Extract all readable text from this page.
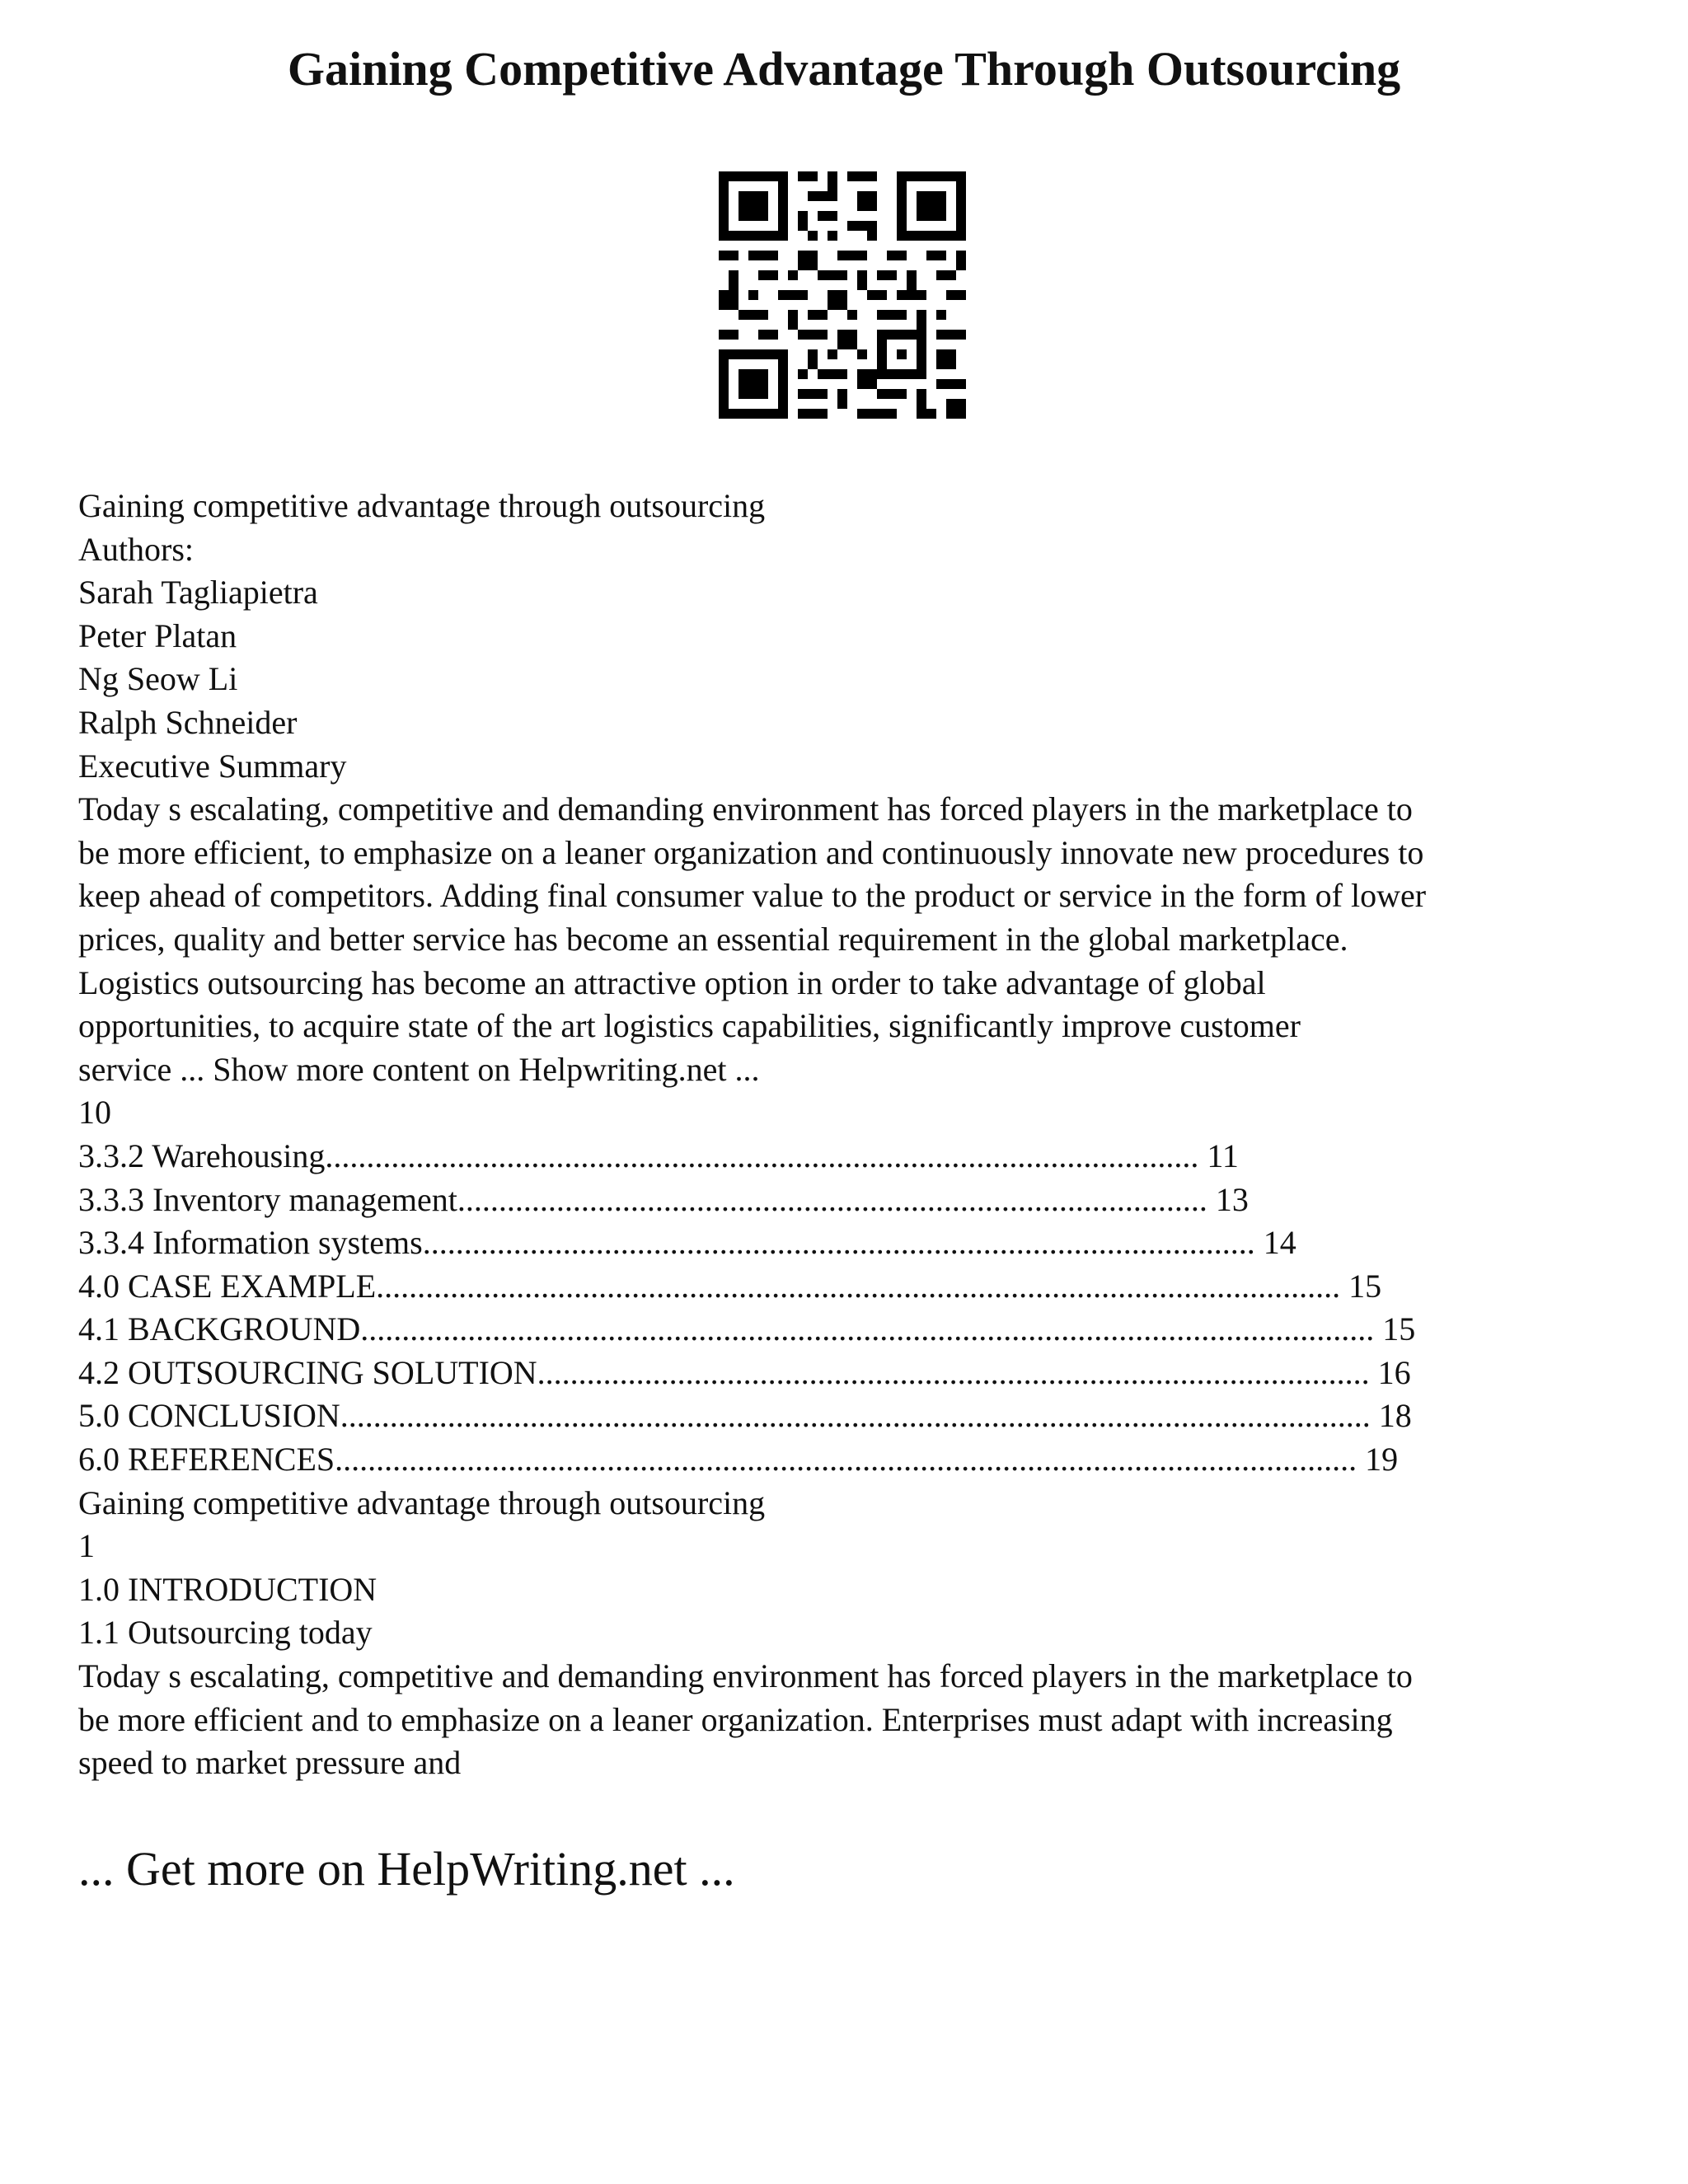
Gaining Competitive Advantage Through Outsourcing
Gaining competitive advantage through outsourcing
Authors:
Sarah Tagliapietra
Peter Platan
Ng Seow Li
Ralph Schneider
Executive Summary
Today s escalating, competitive and demanding environment has forced players in the marketplace to
be more efficient, to emphasize on a leaner organization and continuously innovate new procedures to
keep ahead of competitors. Adding final consumer value to the product or service in the form of lower
prices, quality and better service has become an essential requirement in the global marketplace.
Logistics outsourcing has become an attractive option in order to take advantage of global
opportunities, to acquire state of the art logistics capabilities, significantly improve customer
service ... Show more content on Helpwriting.net ...
10
3.3.2 Warehousing .......................................................................................................... 11
3.3.3 Inventory management ........................................................................................... 13
3.3.4 Information systems ..................................................................................................... 14
4.0 CASE EXAMPLE ..................................................................................................................... 15
4.1 BACKGROUND ........................................................................................................................... 15
4.2 OUTSOURCING SOLUTION ..................................................................................................... 16
5.0 CONCLUSION ............................................................................................................................. 18
6.0 REFERENCES ............................................................................................................................ 19
Gaining competitive advantage through outsourcing
1
1.0 INTRODUCTION
1.1 Outsourcing today
Today s escalating, competitive and demanding environment has forced players in the marketplace to
be more efficient and to emphasize on a leaner organization. Enterprises must adapt with increasing
speed to market pressure and
... Get more on HelpWriting.net ...
